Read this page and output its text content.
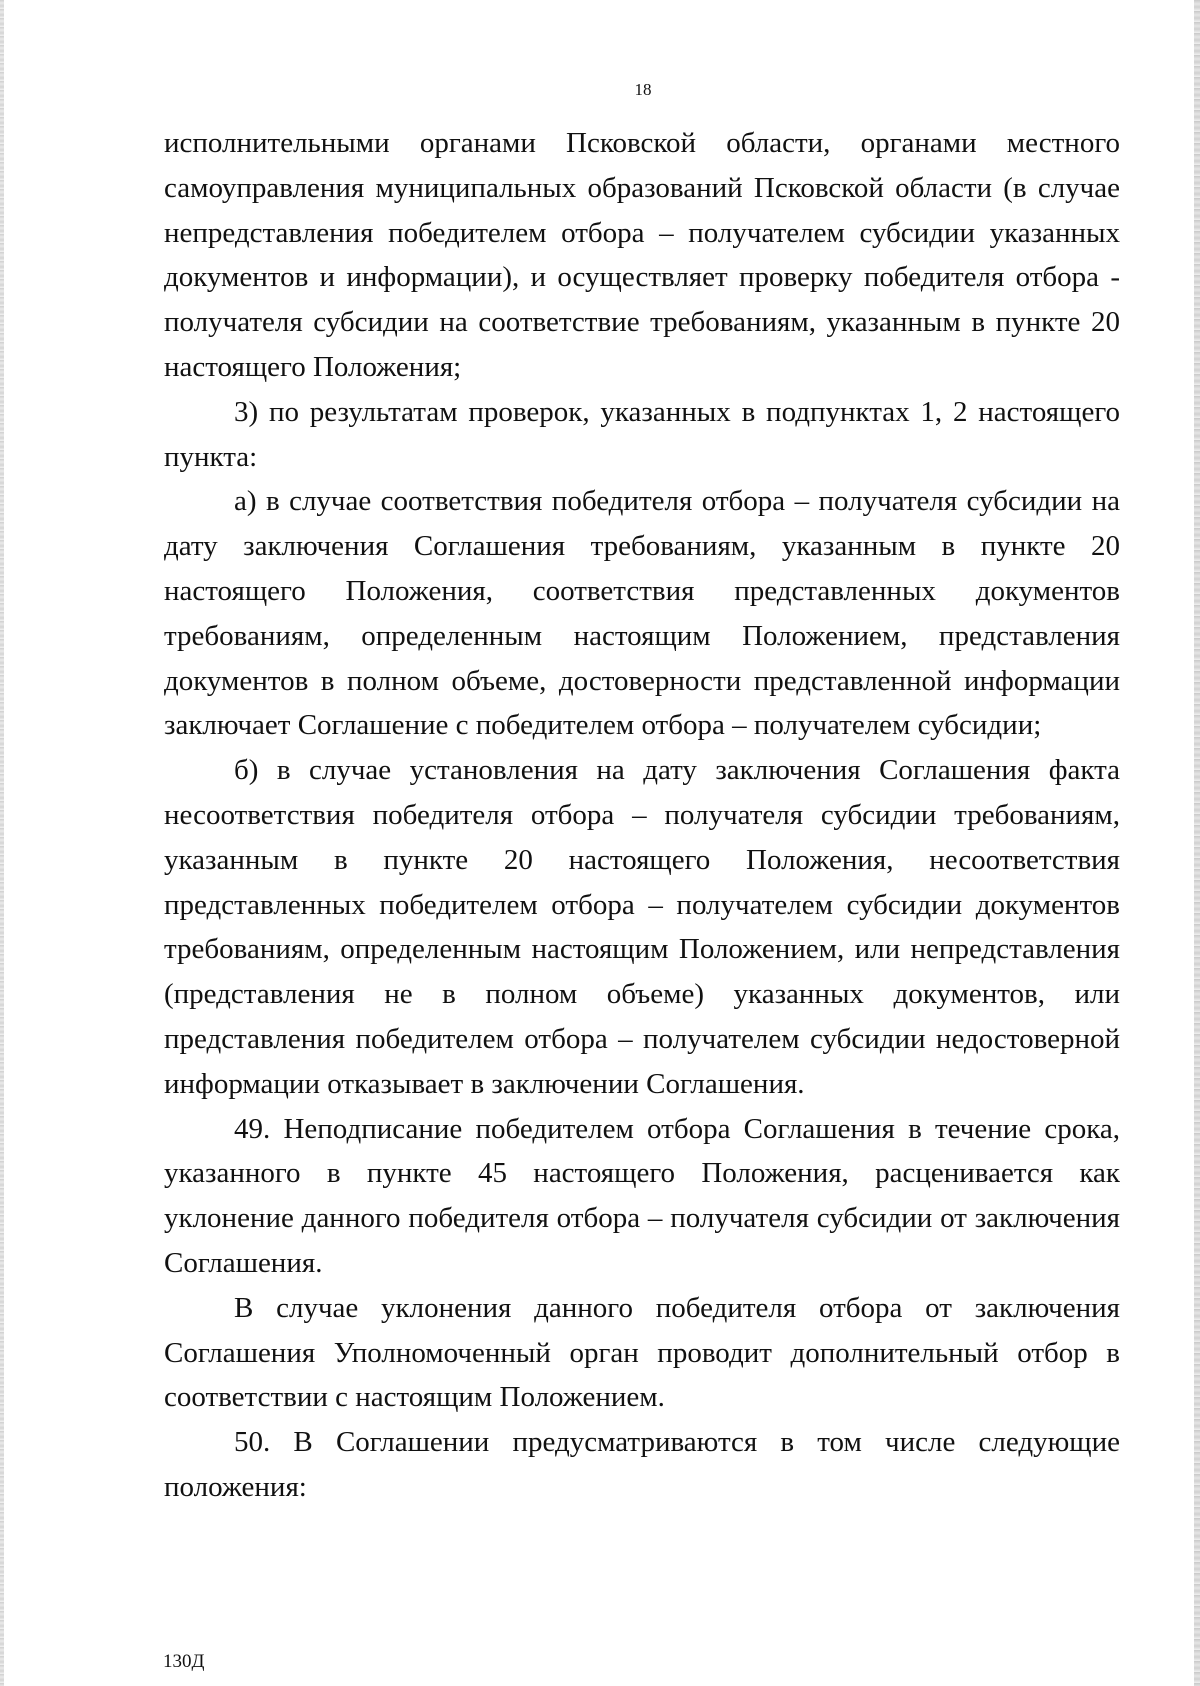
18

исполнительными органами Псковской области, органами местного самоуправления муниципальных образований Псковской области (в случае непредставления победителем отбора – получателем субсидии указанных документов и информации), и осуществляет проверку победителя отбора - получателя субсидии на соответствие требованиям, указанным в пункте 20 настоящего Положения;

3) по результатам проверок, указанных в подпунктах 1, 2 настоящего пункта:

а) в случае соответствия победителя отбора – получателя субсидии на дату заключения Соглашения требованиям, указанным в пункте 20 настоящего Положения, соответствия представленных документов требованиям, определенным настоящим Положением, представления документов в полном объеме, достоверности представленной информации заключает Соглашение с победителем отбора – получателем субсидии;

б) в случае установления на дату заключения Соглашения факта несоответствия победителя отбора – получателя субсидии требованиям, указанным в пункте 20 настоящего Положения, несоответствия представленных победителем отбора – получателем субсидии документов требованиям, определенным настоящим Положением, или непредставления (представления не в полном объеме) указанных документов, или представления победителем отбора – получателем субсидии недостоверной информации отказывает в заключении Соглашения.

49. Неподписание победителем отбора Соглашения в течение срока, указанного в пункте 45 настоящего Положения, расценивается как уклонение данного победителя отбора – получателя субсидии от заключения Соглашения.

В случае уклонения данного победителя отбора от заключения Соглашения Уполномоченный орган проводит дополнительный отбор в соответствии с настоящим Положением.

50. В Соглашении предусматриваются в том числе следующие положения:

130Д
